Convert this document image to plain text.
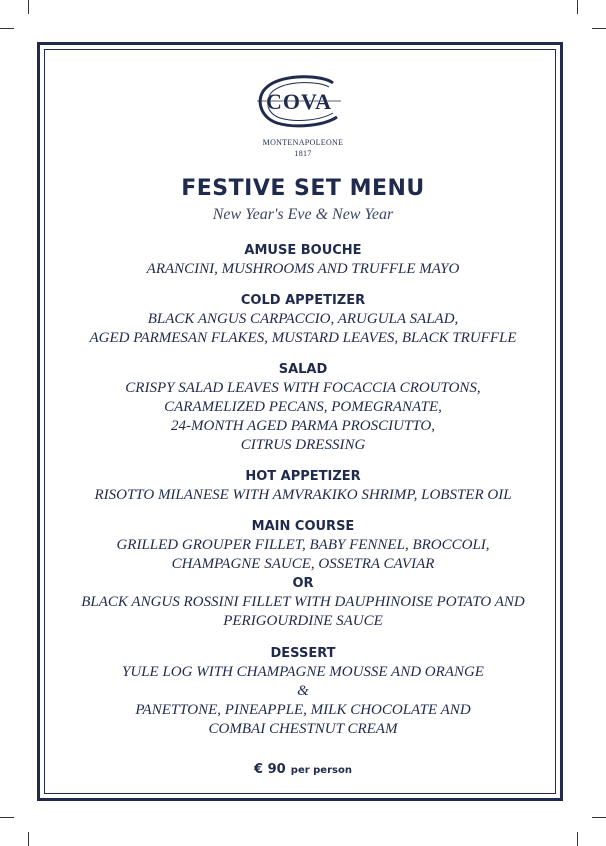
COVA
MONTENAPOLEONE
1817
FESTIVE SET MENU
New Year's Eve & New Year
AMUSE BOUCHE
ARANCINI, MUSHROOMS AND TRUFFLE MAYO
COLD APPETIZER
BLACK ANGUS CARPACCIO, ARUGULA SALAD,
AGED PARMESAN FLAKES, MUSTARD LEAVES, BLACK TRUFFLE
SALAD
CRISPY SALAD LEAVES WITH FOCACCIA CROUTONS,
CARAMELIZED PECANS, POMEGRANATE,
24-MONTH AGED PARMA PROSCIUTTO,
CITRUS DRESSING
HOT APPETIZER
RISOTTO MILANESE WITH AMVRAKIKO SHRIMP, LOBSTER OIL
MAIN COURSE
GRILLED GROUPER FILLET, BABY FENNEL, BROCCOLI,
CHAMPAGNE SAUCE, OSSETRA CAVIAR
OR
BLACK ANGUS ROSSINI FILLET WITH DAUPHINOISE POTATO AND
PERIGOURDINE SAUCE
DESSERT
YULE LOG WITH CHAMPAGNE MOUSSE AND ORANGE
&
PANETTONE, PINEAPPLE, MILK CHOCOLATE AND
COMBAI CHESTNUT CREAM
€ 90 per person
